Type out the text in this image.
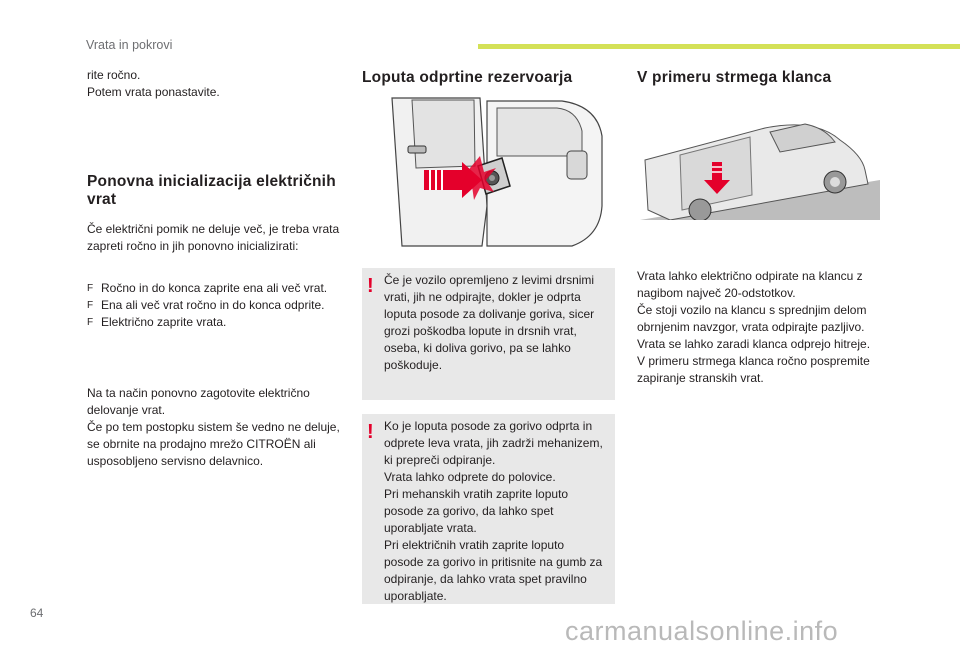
Vrata in pokrovi

rite ročno.

Potem vrata ponastavite.

Ponovna inicializacija električnih
vrat

Če električni pomik ne deluje več, je treba vrata

zapreti ročno in jih ponovno inicializirati:

F Ročno in do konca zaprite ena ali več vrat.
F Ena ali več vrat ročno in do konca odprite.
F Električno zaprite vrata.

Na ta način ponovno zagotovite električno

delovanje vrat.

Če po tem postopku sistem še vedno ne deluje,

se obrnite na prodajno mrežo CITROËN ali

usposobljeno servisno delavnico.

Loputa odprtine rezervoarja
! Če je vozilo opremljeno z levimi drsnimi

vrati, jih ne odpirajte, dokler je odprta

loputa posode za dolivanje goriva, sicer

grozi poškodba lopute in drsnih vrat,

oseba, ki doliva gorivo, pa se lahko

poškoduje.

! Ko je loputa posode za gorivo odprta in

odprete leva vrata, jih zadrži mehanizem,

ki prepreči odpiranje.

Vrata lahko odprete do polovice.

Pri mehanskih vratih zaprite loputo

posode za gorivo, da lahko spet

uporabljate vrata.

Pri električnih vratih zaprite loputo

posode za gorivo in pritisnite na gumb za

odpiranje, da lahko vrata spet pravilno

uporabljate.

V primeru strmega klanca

Vrata lahko električno odpirate na klancu z

nagibom največ 20-odstotkov.

Če stoji vozilo na klancu s sprednjim delom

obrnjenim navzgor, vrata odpirajte pazljivo.

Vrata se lahko zaradi klanca odprejo hitreje.

V primeru strmega klanca ročno pospremite

zapiranje stranskih vrat.

64
carmanualsonline.info
